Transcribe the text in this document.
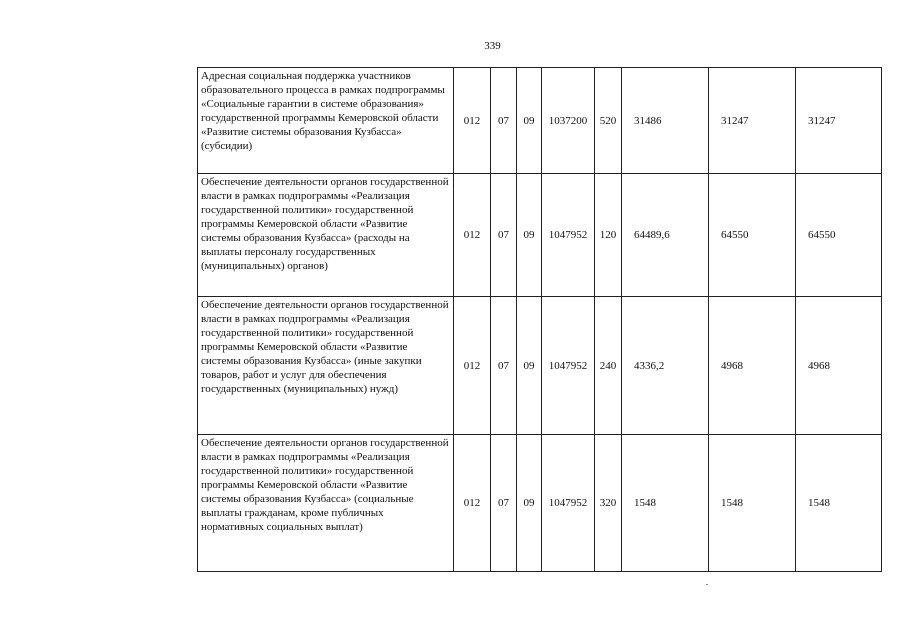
339
Адресная социальная поддержка участников образовательного процесса в рамках подпрограммы «Социальные гарантии в системе образования» государственной программы Кемеровской области «Развитие системы образования Кузбасса» (субсидии)	012	07	09	1037200	520	31486	31247	31247
Обеспечение деятельности органов государственной власти в рамках подпрограммы «Реализация государственной политики» государственной программы Кемеровской области «Развитие системы образования Кузбасса» (расходы на выплаты персоналу государственных (муниципальных) органов)	012	07	09	1047952	120	64489,6	64550	64550
Обеспечение деятельности органов государственной власти в рамках подпрограммы «Реализация государственной политики» государственной программы Кемеровской области «Развитие системы образования Кузбасса» (иные закупки товаров, работ и услуг для обеспечения государственных (муниципальных) нужд)	012	07	09	1047952	240	4336,2	4968	4968
Обеспечение деятельности органов государственной власти в рамках подпрограммы «Реализация государственной политики» государственной программы Кемеровской области «Развитие системы образования Кузбасса» (социальные выплаты гражданам, кроме публичных нормативных социальных выплат)	012	07	09	1047952	320	1548	1548	1548
